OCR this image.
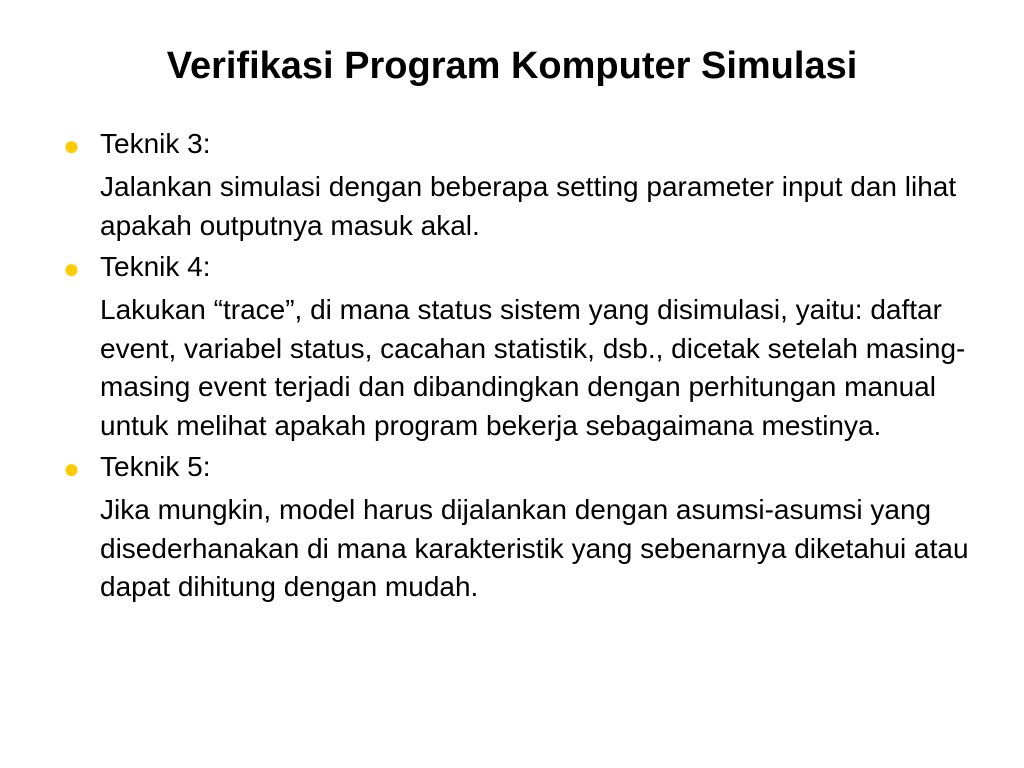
Verifikasi Program Komputer Simulasi
● Teknik 3:
Jalankan simulasi dengan beberapa setting parameter input dan lihat apakah outputnya masuk akal.
● Teknik 4:
Lakukan “trace”, di mana status sistem yang disimulasi, yaitu: daftar event, variabel status, cacahan statistik, dsb., dicetak setelah masing-masing event terjadi dan dibandingkan dengan perhitungan manual untuk melihat apakah program bekerja sebagaimana mestinya.
● Teknik 5:
Jika mungkin, model harus dijalankan dengan asumsi-asumsi yang disederhanakan di mana karakteristik yang sebenarnya diketahui atau dapat dihitung dengan mudah.
